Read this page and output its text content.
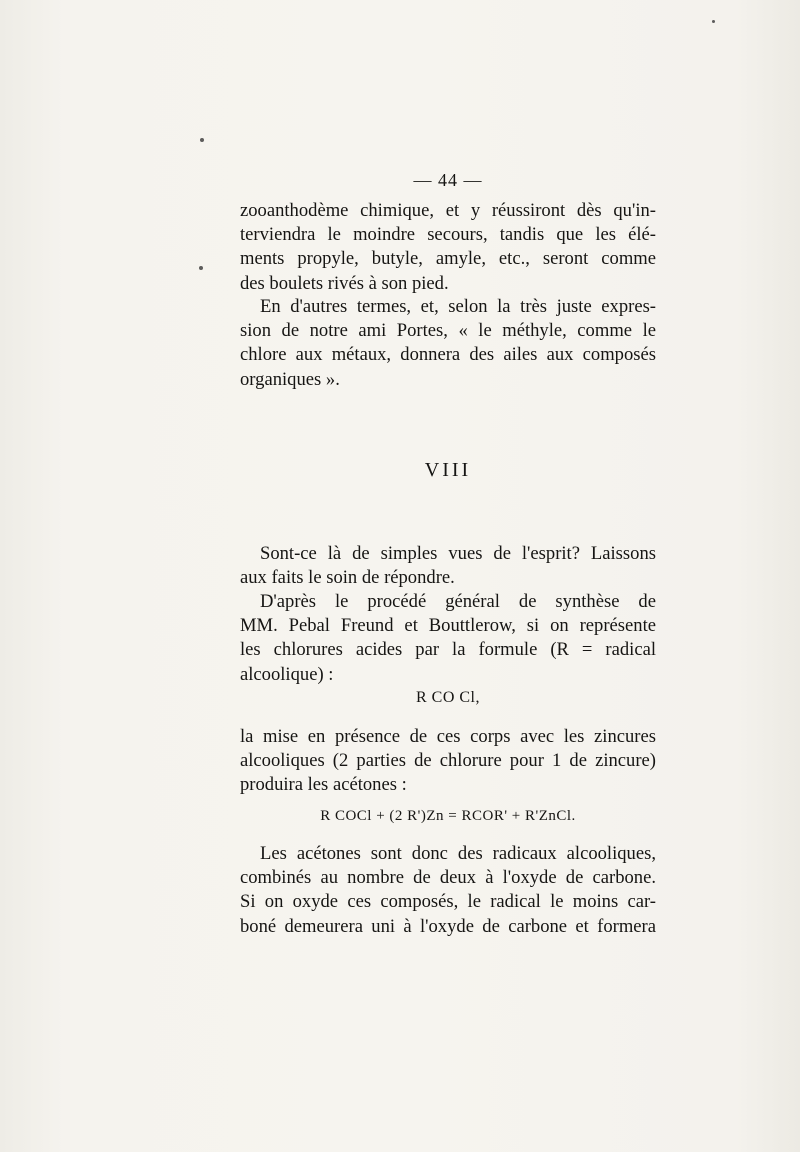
— 44 —

zooanthodème chimique, et y réussiront dès qu'in-
terviendra le moindre secours, tandis que les élé-
ments propyle, butyle, amyle, etc., seront comme
des boulets rivés à son pied.

En d'autres termes, et, selon la très juste expres-
sion de notre ami Portes, « le méthyle, comme le
chlore aux métaux, donnera des ailes aux composés
organiques ».

VIII

Sont-ce là de simples vues de l'esprit? Laissons
aux faits le soin de répondre.

D'après le procédé général de synthèse de
MM. Pebal Freund et Bouttlerow, si on représente
les chlorures acides par la formule (R = radical
alcoolique) :

R CO Cl,

la mise en présence de ces corps avec les zincures
alcooliques (2 parties de chlorure pour 1 de zincure)
produira les acétones :

R COCl + (2 R')Zn = RCOR' + R'ZnCl.

Les acétones sont donc des radicaux alcooliques,
combinés au nombre de deux à l'oxyde de carbone.
Si on oxyde ces composés, le radical le moins car-
boné demeurera uni à l'oxyde de carbone et formera
